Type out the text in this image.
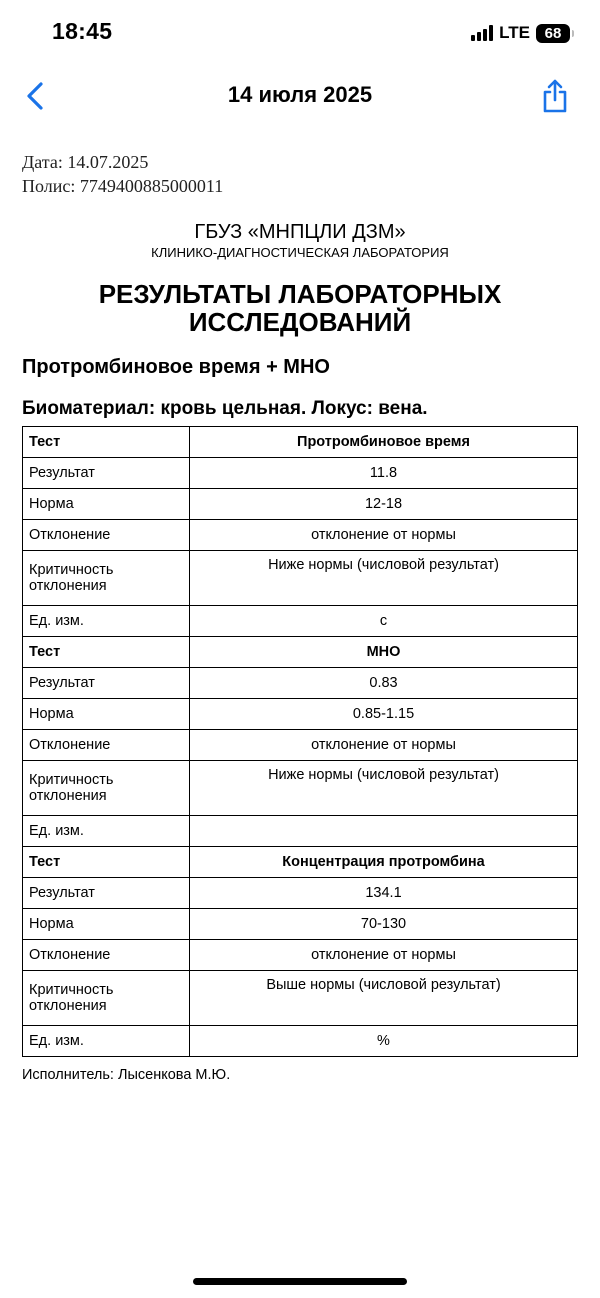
18:45	LTE 68
14 июля 2025
Дата: 14.07.2025
Полис: 7749400885000011
ГБУЗ «МНПЦЛИ ДЗМ»
КЛИНИКО-ДИАГНОСТИЧЕСКАЯ ЛАБОРАТОРИЯ
РЕЗУЛЬТАТЫ ЛАБОРАТОРНЫХ
ИССЛЕДОВАНИЙ
Протромбиновое время + МНО
Биоматериал: кровь цельная. Локус: вена.
Тест	Протромбиновое время
Результат	11.8
Норма	12-18
Отклонение	отклонение от нормы
Критичность отклонения	Ниже нормы (числовой результат)
Ед. изм.	с
Тест	МНО
Результат	0.83
Норма	0.85-1.15
Отклонение	отклонение от нормы
Критичность отклонения	Ниже нормы (числовой результат)
Ед. изм.	
Тест	Концентрация протромбина
Результат	134.1
Норма	70-130
Отклонение	отклонение от нормы
Критичность отклонения	Выше нормы (числовой результат)
Ед. изм.	%
Исполнитель: Лысенкова М.Ю.
